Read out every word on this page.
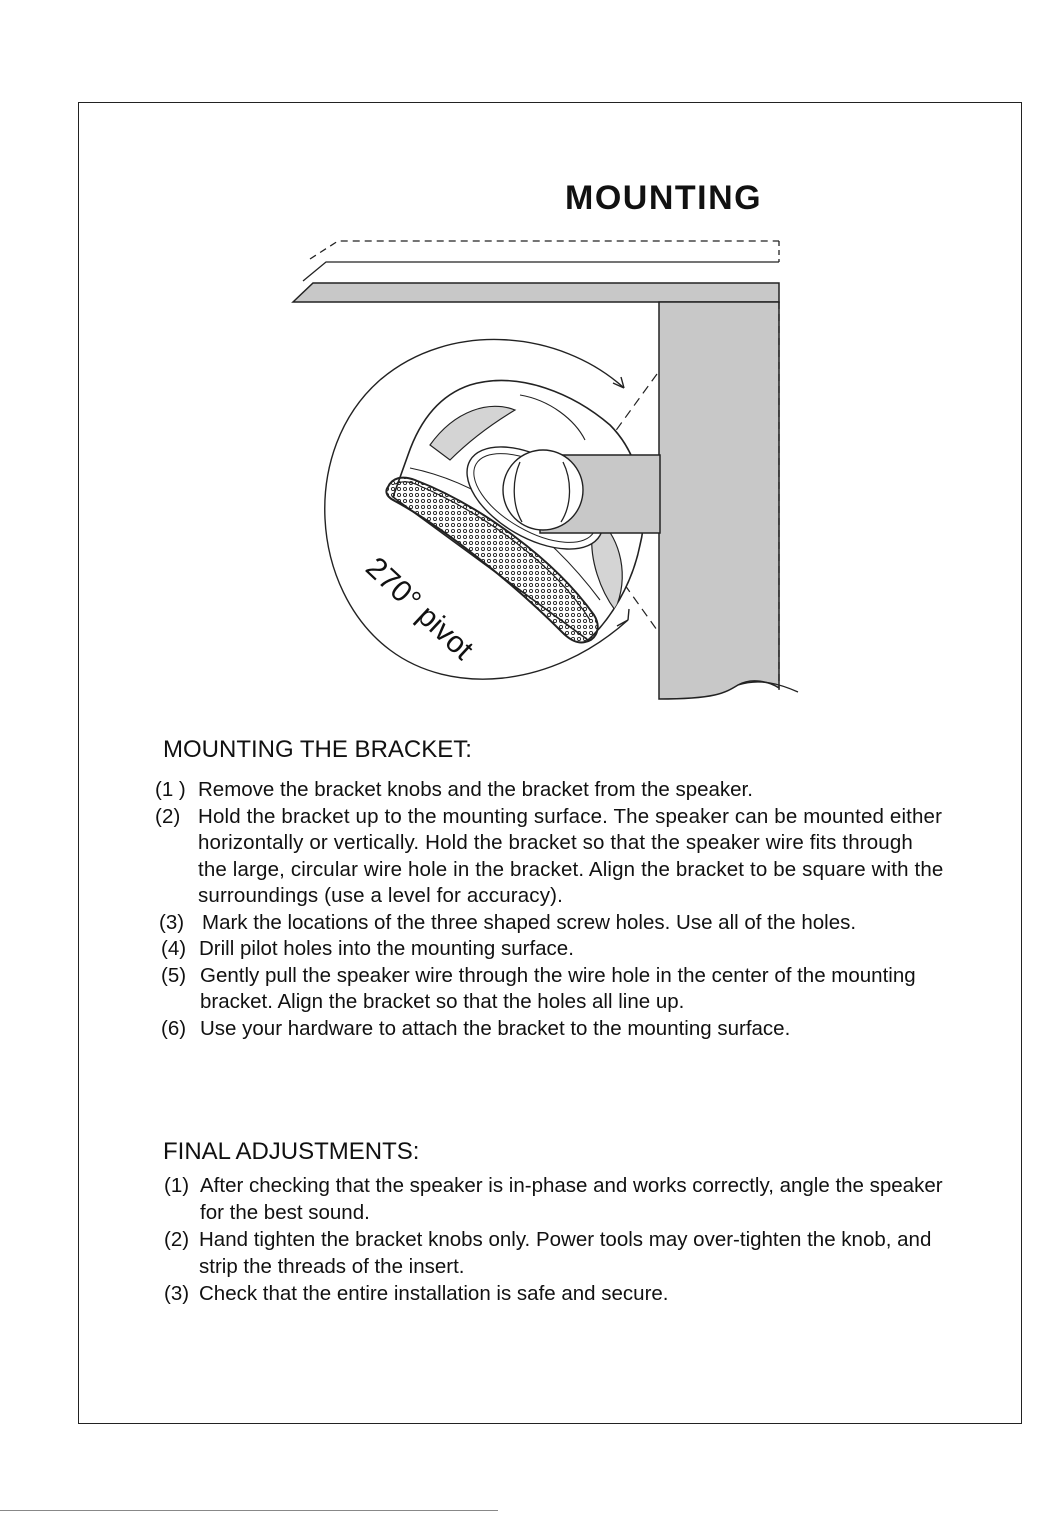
MOUNTING
270° pivot
MOUNTING THE BRACKET:
(1 ) Remove the bracket knobs and the bracket from the speaker.
(2) Hold the bracket up to the mounting surface. The speaker can be mounted either horizontally or vertically. Hold the bracket so that the speaker wire fits through the large, circular wire hole in the bracket. Align the bracket to be square with the surroundings (use a level for accuracy).
(3) Mark the locations of the three shaped screw holes. Use all of the holes.
(4) Drill pilot holes into the mounting surface.
(5) Gently pull the speaker wire through the wire hole in the center of the mounting bracket. Align the bracket so that the holes all line up.
(6) Use your hardware to attach the bracket to the mounting surface.
FINAL ADJUSTMENTS:
(1) After checking that the speaker is in-phase and works correctly, angle the speaker for the best sound.
(2) Hand tighten the bracket knobs only. Power tools may over-tighten the knob, and strip the threads of the insert.
(3) Check that the entire installation is safe and secure.
